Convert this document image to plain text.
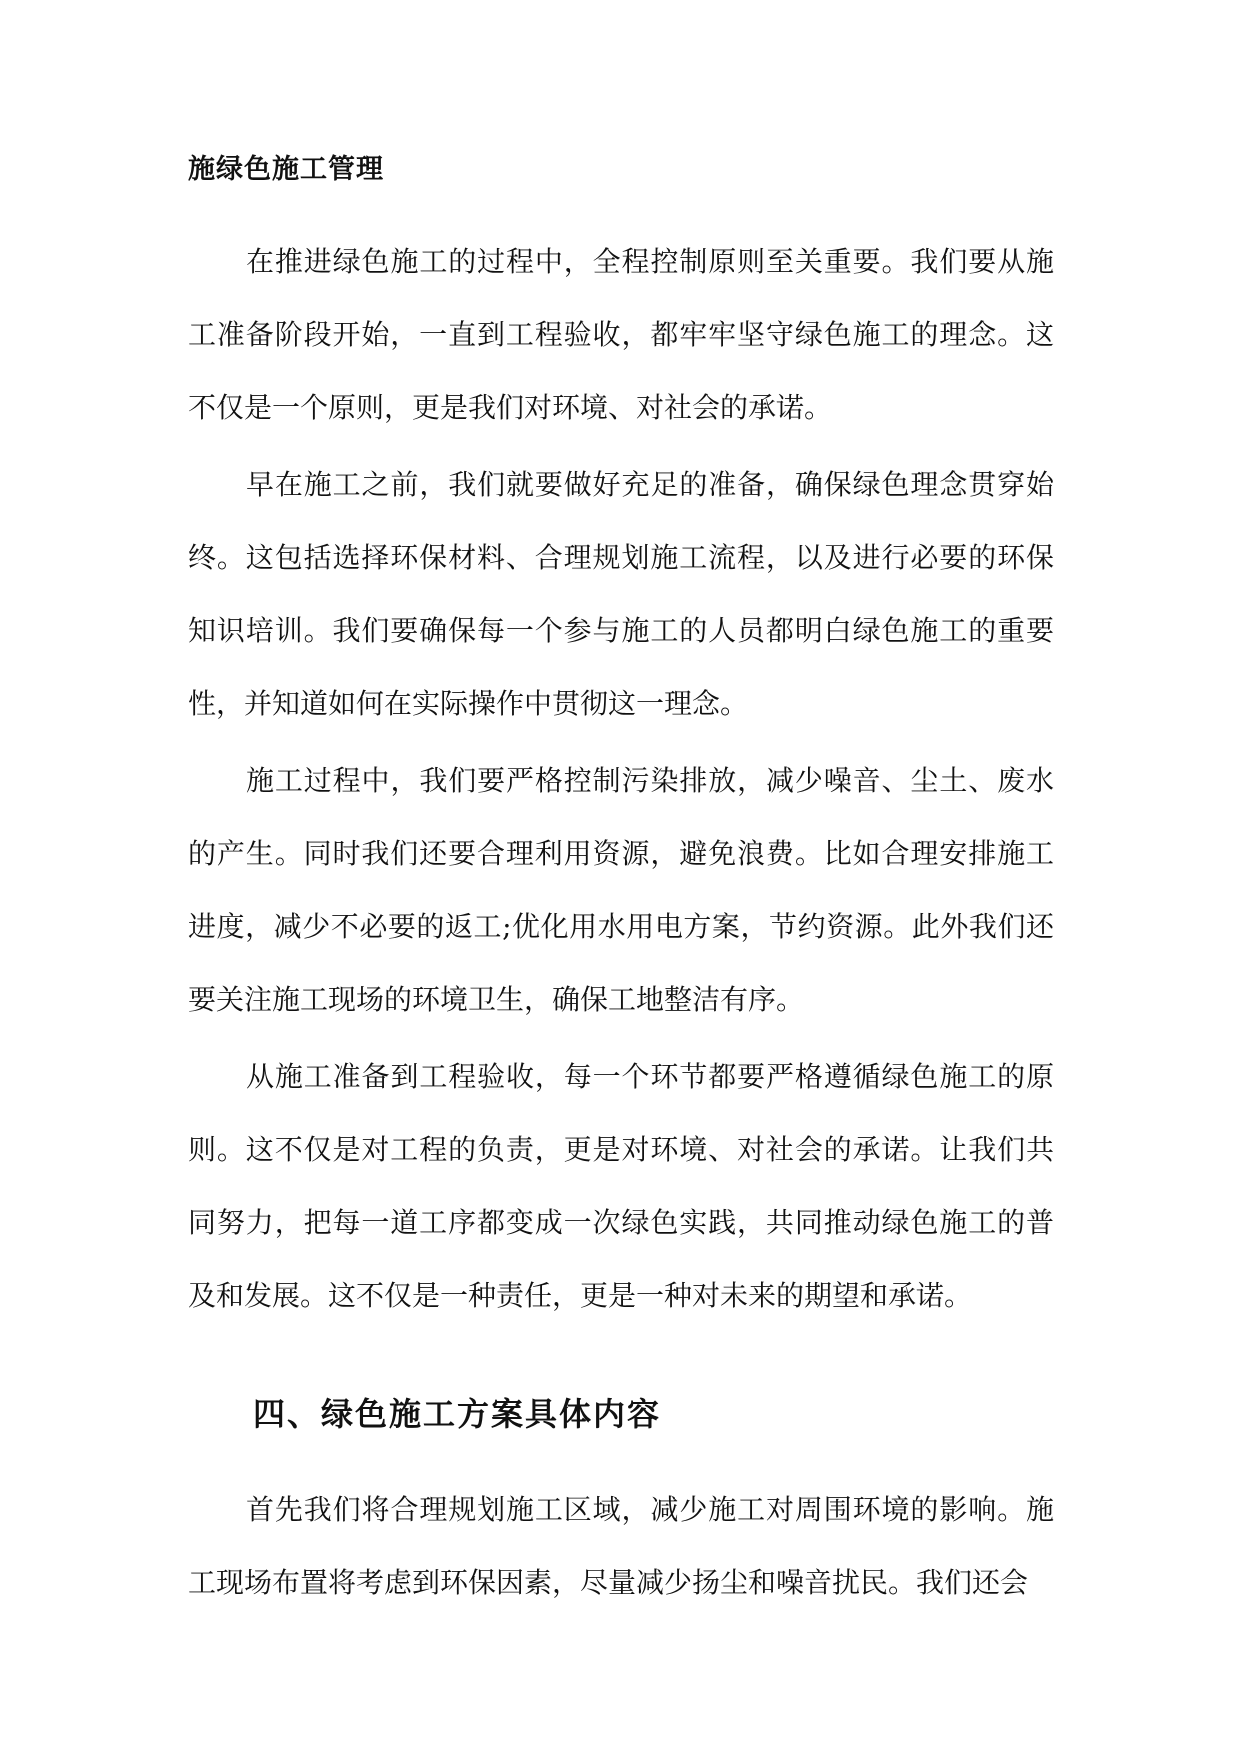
施绿色施工管理

在推进绿色施工的过程中，全程控制原则至关重要。我们要从施工准备阶段开始，一直到工程验收，都牢牢坚守绿色施工的理念。这不仅是一个原则，更是我们对环境、对社会的承诺。

早在施工之前，我们就要做好充足的准备，确保绿色理念贯穿始终。这包括选择环保材料、合理规划施工流程，以及进行必要的环保知识培训。我们要确保每一个参与施工的人员都明白绿色施工的重要性，并知道如何在实际操作中贯彻这一理念。

施工过程中，我们要严格控制污染排放，减少噪音、尘土、废水的产生。同时我们还要合理利用资源，避免浪费。比如合理安排施工进度，减少不必要的返工;优化用水用电方案，节约资源。此外我们还要关注施工现场的环境卫生，确保工地整洁有序。

从施工准备到工程验收，每一个环节都要严格遵循绿色施工的原则。这不仅是对工程的负责，更是对环境、对社会的承诺。让我们共同努力，把每一道工序都变成一次绿色实践，共同推动绿色施工的普及和发展。这不仅是一种责任，更是一种对未来的期望和承诺。

四、绿色施工方案具体内容

首先我们将合理规划施工区域，减少施工对周围环境的影响。施工现场布置将考虑到环保因素，尽量减少扬尘和噪音扰民。我们还会
